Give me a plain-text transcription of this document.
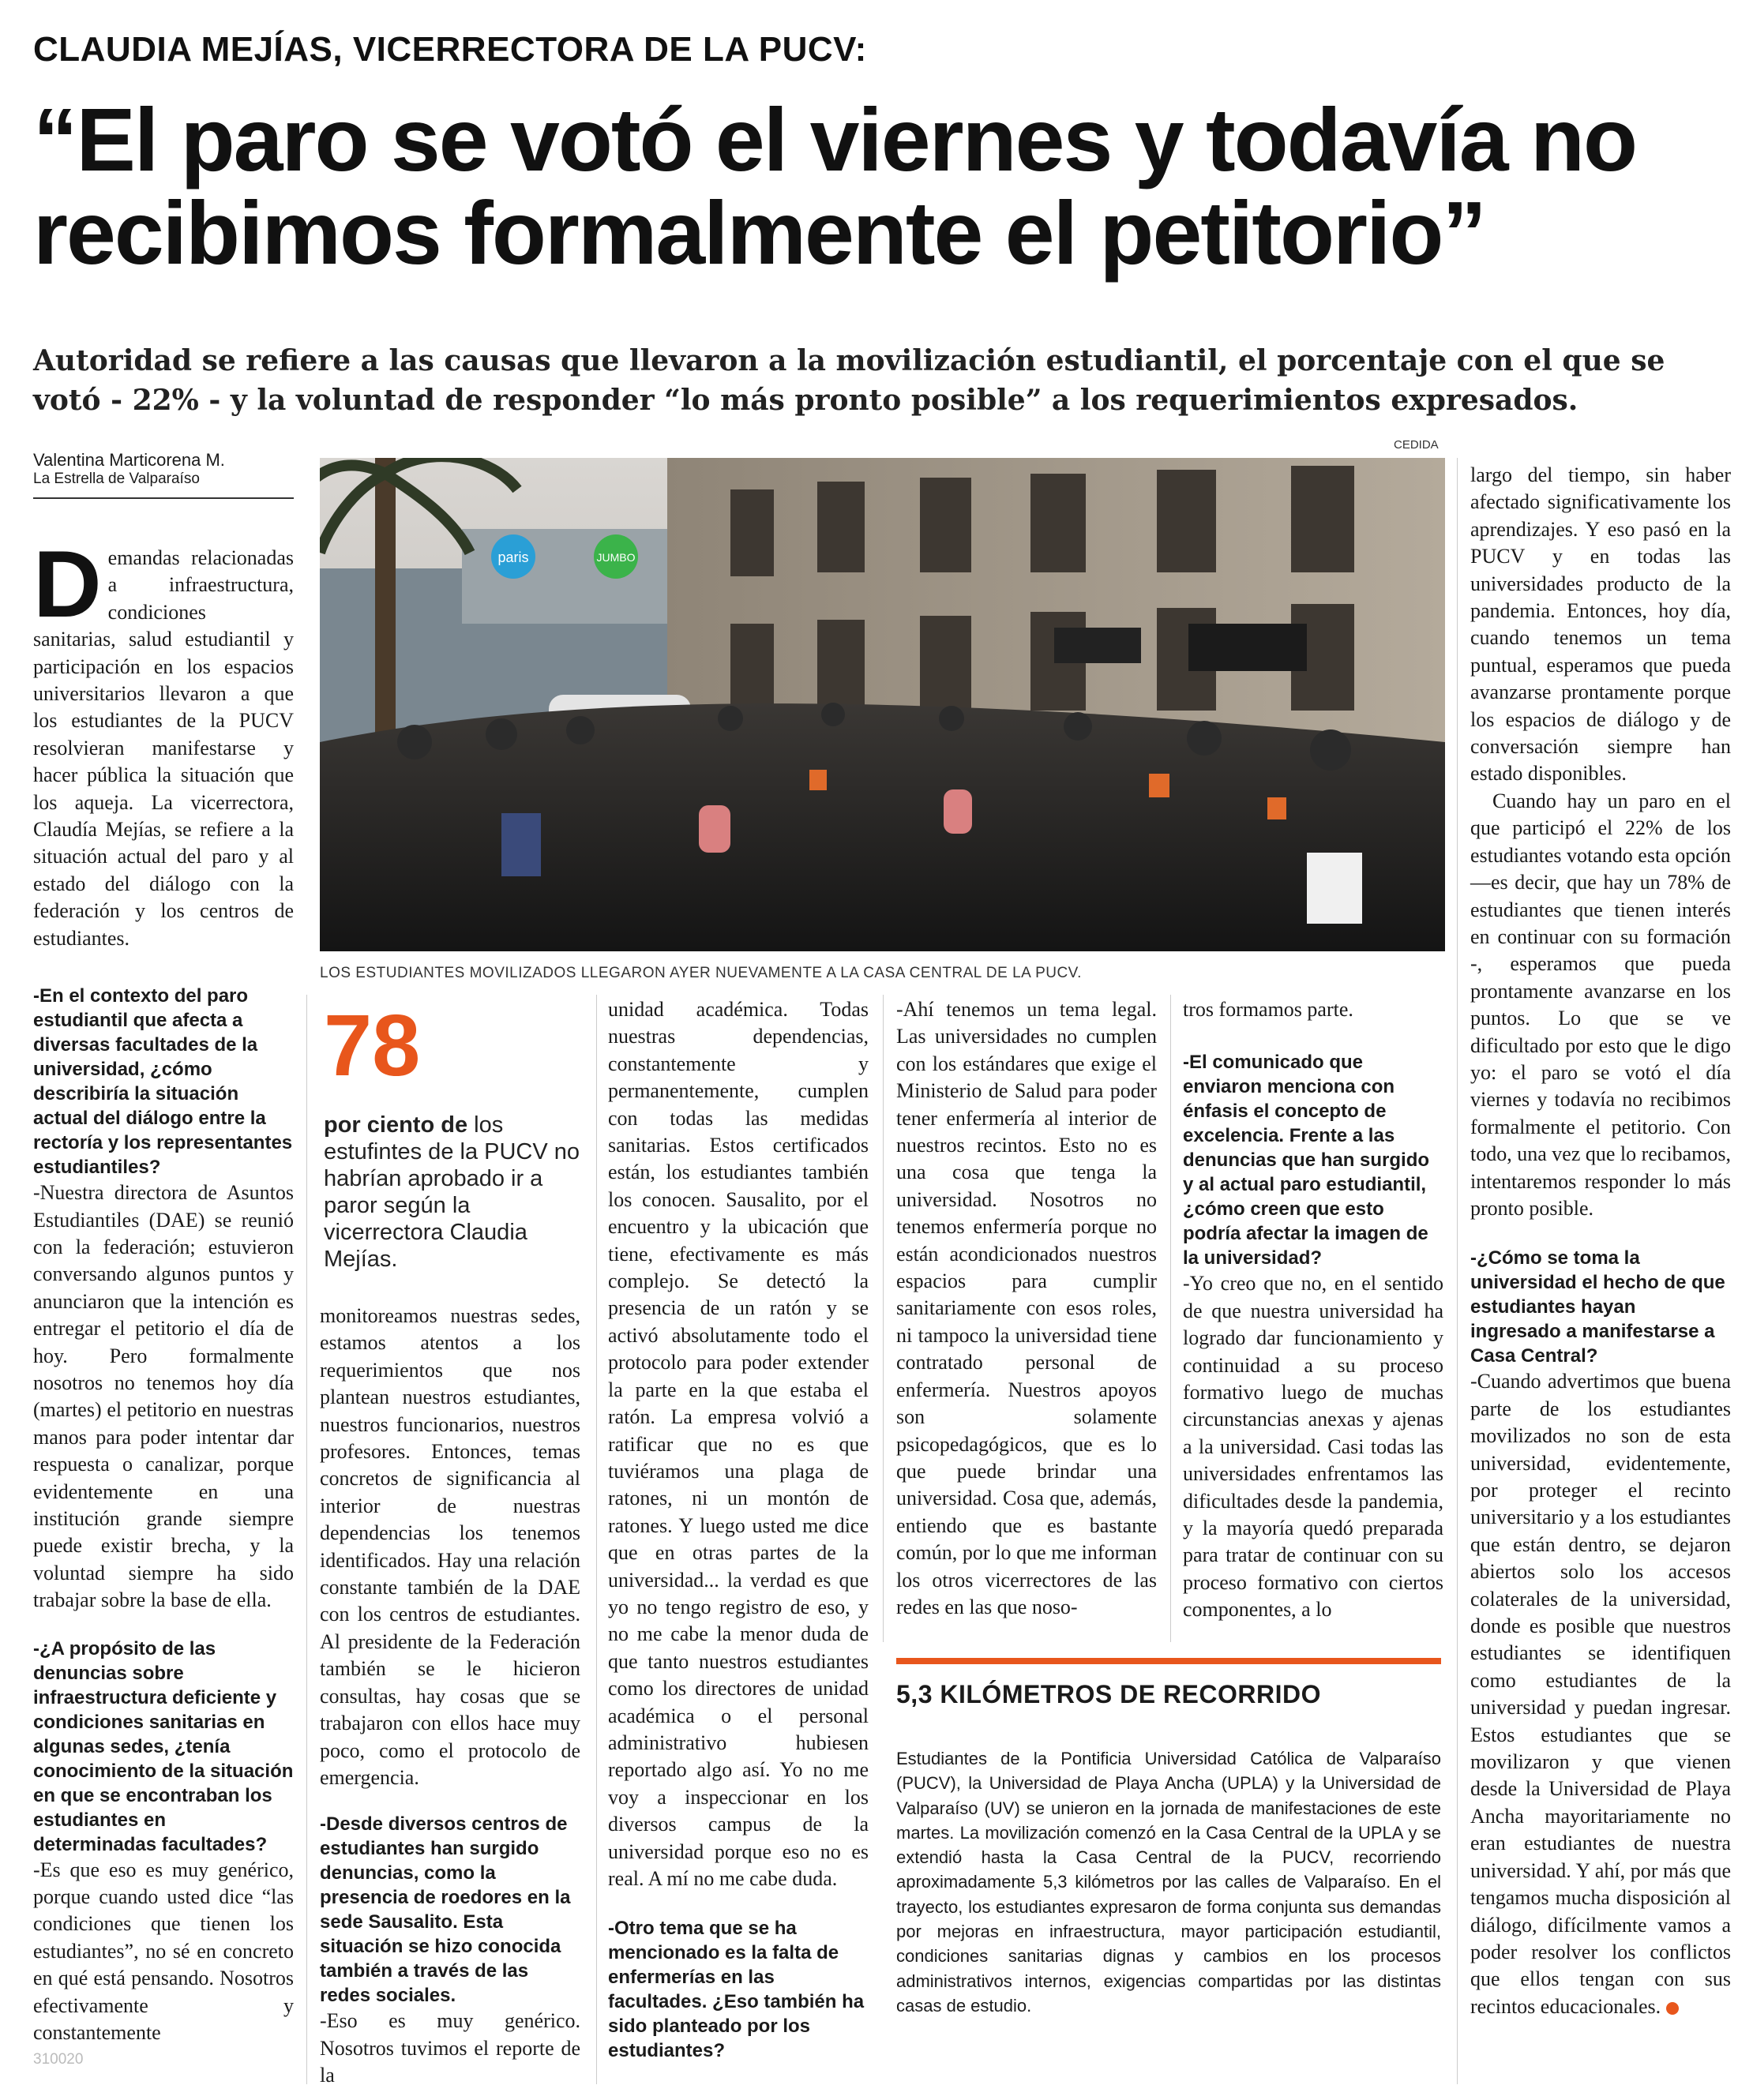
CLAUDIA MEJÍAS, VICERRECTORA DE LA PUCV:
“El paro se votó el viernes y todavía no recibimos formalmente el petitorio”
Autoridad se refiere a las causas que llevaron a la movilización estudiantil, el porcentaje con el que se votó - 22% - y la voluntad de responder “lo más pronto posible” a los requerimientos expresados.
Valentina Marticorena M.
La Estrella de Valparaíso

Demandas relacionadas a infraestructura, condiciones sanitarias, salud estudiantil y participación en los espacios universitarios llevaron a que los estudiantes de la PUCV resolvieran manifestarse y hacer pública la situación que los aqueja. La vicerrectora, Claudía Mejías, se refiere a la situación actual del paro y al estado del diálogo con la federación y los centros de estudiantes.

-En el contexto del paro estudiantil que afecta a diversas facultades de la universidad, ¿cómo describiría la situación actual del diálogo entre la rectoría y los representantes estudiantiles?

-Nuestra directora de Asuntos Estudiantiles (DAE) se reunió con la federación; estuvieron conversando algunos puntos y anunciaron que la intención es entregar el petitorio el día de hoy. Pero formalmente nosotros no tenemos hoy día (martes) el petitorio en nuestras manos para poder intentar dar respuesta o canalizar, porque evidentemente en una institución grande siempre puede existir brecha, y la voluntad siempre ha sido trabajar sobre la base de ella.

-¿A propósito de las denuncias sobre infraestructura deficiente y condiciones sanitarias en algunas sedes, ¿tenía conocimiento de la situación en que se encontraban los estudiantes en determinadas facultades?

-Es que eso es muy genérico, porque cuando usted dice “las condiciones que tienen los estudiantes”, no sé en concreto en qué está pensando. Nosotros efectivamente y constantemente

CEDIDA
paris	JUMBO
LOS ESTUDIANTES MOVILIZADOS LLEGARON AYER NUEVAMENTE A LA CASA CENTRAL DE LA PUCV.
78
por ciento de los estufintes de la PUCV no habrían aprobado ir a paror según la vicerrectora Claudia Mejías.

monitoreamos nuestras sedes, estamos atentos a los requerimientos que nos plantean nuestros estudiantes, nuestros funcionarios, nuestros profesores. Entonces, temas concretos de significancia al interior de nuestras dependencias los tenemos identificados. Hay una relación constante también de la DAE con los centros de estudiantes. Al presidente de la Federación también se le hicieron consultas, hay cosas que se trabajaron con ellos hace muy poco, como el protocolo de emergencia.

-Desde diversos centros de estudiantes han surgido denuncias, como la presencia de roedores en la sede Sausalito. Esta situación se hizo conocida también a través de las redes sociales.

-Eso es muy genérico. Nosotros tuvimos el reporte de la

unidad académica. Todas nuestras dependencias, constantemente y permanentemente, cumplen con todas las medidas sanitarias. Estos certificados están, los estudiantes también los conocen. Sausalito, por el encuentro y la ubicación que tiene, efectivamente es más complejo. Se detectó la presencia de un ratón y se activó absolutamente todo el protocolo para poder extender la parte en la que estaba el ratón. La empresa volvió a ratificar que no es que tuviéramos una plaga de ratones, ni un montón de ratones. Y luego usted me dice que en otras partes de la universidad... la verdad es que yo no tengo registro de eso, y no me cabe la menor duda de que tanto nuestros estudiantes como los directores de unidad académica o el personal administrativo hubiesen reportado algo así. Yo no me voy a inspeccionar en los diversos campus de la universidad porque eso no es real. A mí no me cabe duda.

-Otro tema que se ha mencionado es la falta de enfermerías en las facultades. ¿Eso también ha sido planteado por los estudiantes?

-Ahí tenemos un tema legal. Las universidades no cumplen con los estándares que exige el Ministerio de Salud para poder tener enfermería al interior de nuestros recintos. Esto no es una cosa que tenga la universidad. Nosotros no tenemos enfermería porque no están acondicionados nuestros espacios para cumplir sanitariamente con esos roles, ni tampoco la universidad tiene contratado personal de enfermería. Nuestros apoyos son solamente psicopedagógicos, que es lo que puede brindar una universidad. Cosa que, además, entiendo que es bastante común, por lo que me informan los otros vicerrectores de las redes en las que noso-

tros formamos parte.

-El comunicado que enviaron menciona con énfasis el concepto de excelencia. Frente a las denuncias que han surgido y al actual paro estudiantil, ¿cómo creen que esto podría afectar la imagen de la universidad?

-Yo creo que no, en el sentido de que nuestra universidad ha logrado dar funcionamiento y continuidad a su proceso formativo luego de muchas circunstancias anexas y ajenas a la universidad. Casi todas las universidades enfrentamos las dificultades desde la pandemia, y la mayoría quedó preparada para tratar de continuar con su proceso formativo con ciertos componentes, a lo

5,3 KILÓMETROS DE RECORRIDO
Estudiantes de la Pontificia Universidad Católica de Valparaíso (PUCV), la Universidad de Playa Ancha (UPLA) y la Universidad de Valparaíso (UV) se unieron en la jornada de manifestaciones de este martes. La movilización comenzó en la Casa Central de la UPLA y se extendió hasta la Casa Central de la PUCV, recorriendo aproximadamente 5,3 kilómetros por las calles de Valparaíso. En el trayecto, los estudiantes expresaron de forma conjunta sus demandas por mejoras en infraestructura, mayor participación estudiantil, condiciones sanitarias dignas y cambios en los procesos administrativos internos, exigencias compartidas por las distintas casas de estudio.

largo del tiempo, sin haber afectado significativamente los aprendizajes. Y eso pasó en la PUCV y en todas las universidades producto de la pandemia. Entonces, hoy día, cuando tenemos un tema puntual, esperamos que pueda avanzarse prontamente porque los espacios de diálogo y de conversación siempre han estado disponibles.

Cuando hay un paro en el que participó el 22% de los estudiantes votando esta opción —es decir, que hay un 78% de estudiantes que tienen interés en continuar con su formación -, esperamos que pueda prontamente avanzarse en los puntos. Lo que se ve dificultado por esto que le digo yo: el paro se votó el día viernes y todavía no recibimos formalmente el petitorio. Con todo, una vez que lo recibamos, intentaremos responder lo más pronto posible.

-¿Cómo se toma la universidad el hecho de que estudiantes hayan ingresado a manifestarse a Casa Central?

-Cuando advertimos que buena parte de los estudiantes movilizados no son de esta universidad, evidentemente, por proteger el recinto universitario y a los estudiantes que están dentro, se dejaron abiertos solo los accesos colaterales de la universidad, donde es posible que nuestros estudiantes se identifiquen como estudiantes de la universidad y puedan ingresar. Estos estudiantes que se movilizaron y que vienen desde la Universidad de Playa Ancha mayoritariamente no eran estudiantes de nuestra universidad. Y ahí, por más que tengamos mucha disposición al diálogo, difícilmente vamos a poder resolver los conflictos que ellos tengan con sus recintos educacionales.

310020
